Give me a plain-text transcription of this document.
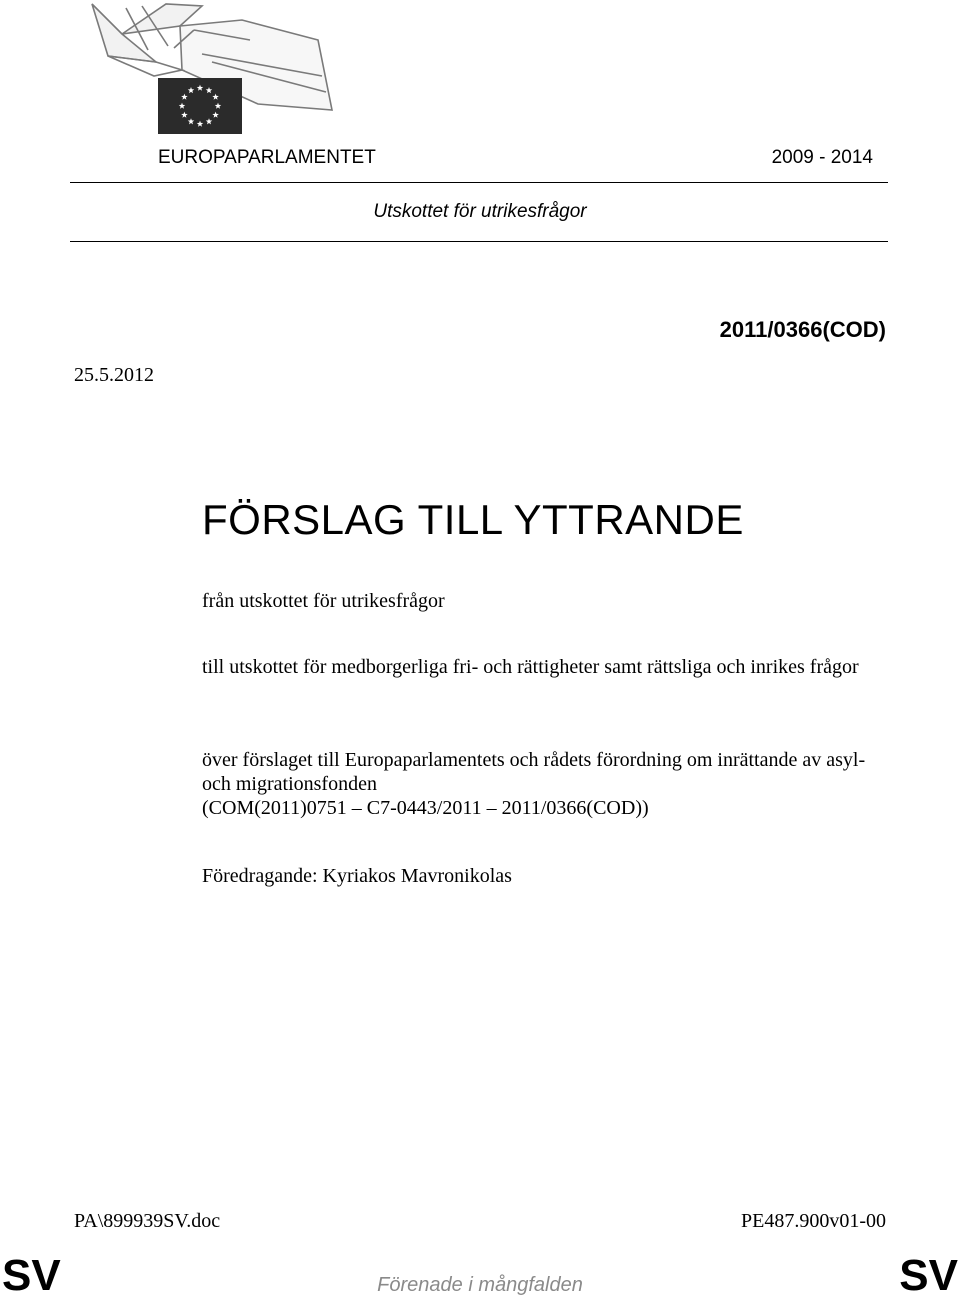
EUROPAPARLAMENTET	2009 - 2014
Utskottet för utrikesfrågor
2011/0366(COD)
25.5.2012
FÖRSLAG TILL YTTRANDE
från utskottet för utrikesfrågor
till utskottet för medborgerliga fri- och rättigheter samt rättsliga och inrikes frågor
över förslaget till Europaparlamentets och rådets förordning om inrättande av asyl- och migrationsfonden
(COM(2011)0751 – C7-0443/2011 – 2011/0366(COD))
Föredragande: Kyriakos Mavronikolas
PA\899939SV.doc	PE487.900v01-00
SV	Förenade i mångfalden	SV
